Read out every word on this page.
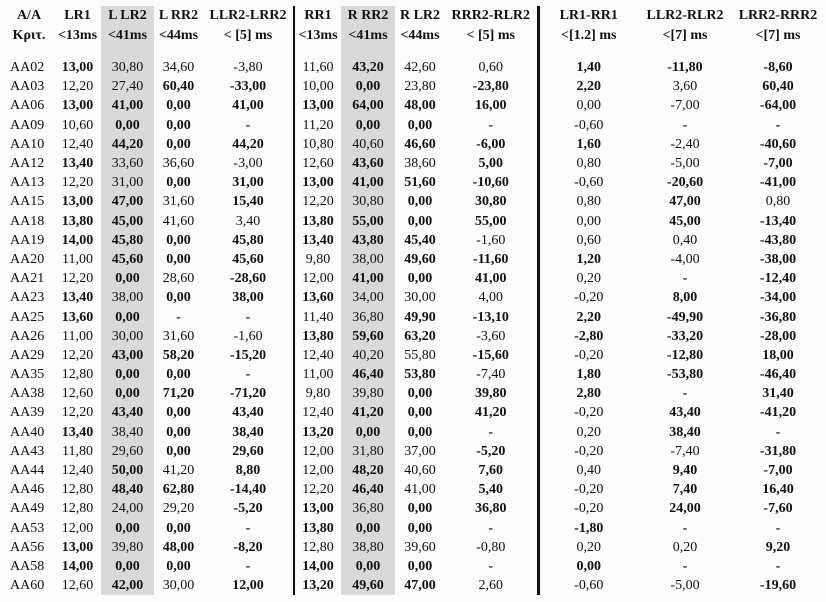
A/A	LR1	L LR2	L RR2	LLR2-LRR2	RR1	R RR2	R LR2	RRR2-RLR2	LR1-RR1	LLR2-RLR2	LRR2-RRR2
Κριτ.	<13ms	<41ms	<44ms	< [5] ms	<13ms	<41ms	<44ms	< [5] ms	<[1.2] ms	<[7] ms	<[7] ms

AA02	13,00	30,80	34,60	-3,80	11,60	43,20	42,60	0,60	1,40	-11,80	-8,60
AA03	12,20	27,40	60,40	-33,00	10,00	0,00	23,80	-23,80	2,20	3,60	60,40
AA06	13,00	41,00	0,00	41,00	13,00	64,00	48,00	16,00	0,00	-7,00	-64,00
AA09	10,60	0,00	0,00	-	11,20	0,00	0,00	-	-0,60	-	-
AA10	12,40	44,20	0,00	44,20	10,80	40,60	46,60	-6,00	1,60	-2,40	-40,60
AA12	13,40	33,60	36,60	-3,00	12,60	43,60	38,60	5,00	0,80	-5,00	-7,00
AA13	12,20	31,00	0,00	31,00	13,00	41,00	51,60	-10,60	-0,60	-20,60	-41,00
AA15	13,00	47,00	31,60	15,40	12,20	30,80	0,00	30,80	0,80	47,00	0,80
AA18	13,80	45,00	41,60	3,40	13,80	55,00	0,00	55,00	0,00	45,00	-13,40
AA19	14,00	45,80	0,00	45,80	13,40	43,80	45,40	-1,60	0,60	0,40	-43,80
AA20	11,00	45,60	0,00	45,60	9,80	38,00	49,60	-11,60	1,20	-4,00	-38,00
AA21	12,20	0,00	28,60	-28,60	12,00	41,00	0,00	41,00	0,20	-	-12,40
AA23	13,40	38,00	0,00	38,00	13,60	34,00	30,00	4,00	-0,20	8,00	-34,00
AA25	13,60	0,00	-	-	11,40	36,80	49,90	-13,10	2,20	-49,90	-36,80
AA26	11,00	30,00	31,60	-1,60	13,80	59,60	63,20	-3,60	-2,80	-33,20	-28,00
AA29	12,20	43,00	58,20	-15,20	12,40	40,20	55,80	-15,60	-0,20	-12,80	18,00
AA35	12,80	0,00	0,00	-	11,00	46,40	53,80	-7,40	1,80	-53,80	-46,40
AA38	12,60	0,00	71,20	-71,20	9,80	39,80	0,00	39,80	2,80	-	31,40
AA39	12,20	43,40	0,00	43,40	12,40	41,20	0,00	41,20	-0,20	43,40	-41,20
AA40	13,40	38,40	0,00	38,40	13,20	0,00	0,00	-	0,20	38,40	-
AA43	11,80	29,60	0,00	29,60	12,00	31,80	37,00	-5,20	-0,20	-7,40	-31,80
AA44	12,40	50,00	41,20	8,80	12,00	48,20	40,60	7,60	0,40	9,40	-7,00
AA46	12,80	48,40	62,80	-14,40	12,20	46,40	41,00	5,40	-0,20	7,40	16,40
AA49	12,80	24,00	29,20	-5,20	13,00	36,80	0,00	36,80	-0,20	24,00	-7,60
AA53	12,00	0,00	0,00	-	13,80	0,00	0,00	-	-1,80	-	-
AA56	13,00	39,80	48,00	-8,20	12,80	38,80	39,60	-0,80	0,20	0,20	9,20
AA58	14,00	0,00	0,00	-	14,00	0,00	0,00	-	0,00	-	-
AA60	12,60	42,00	30,00	12,00	13,20	49,60	47,00	2,60	-0,60	-5,00	-19,60
